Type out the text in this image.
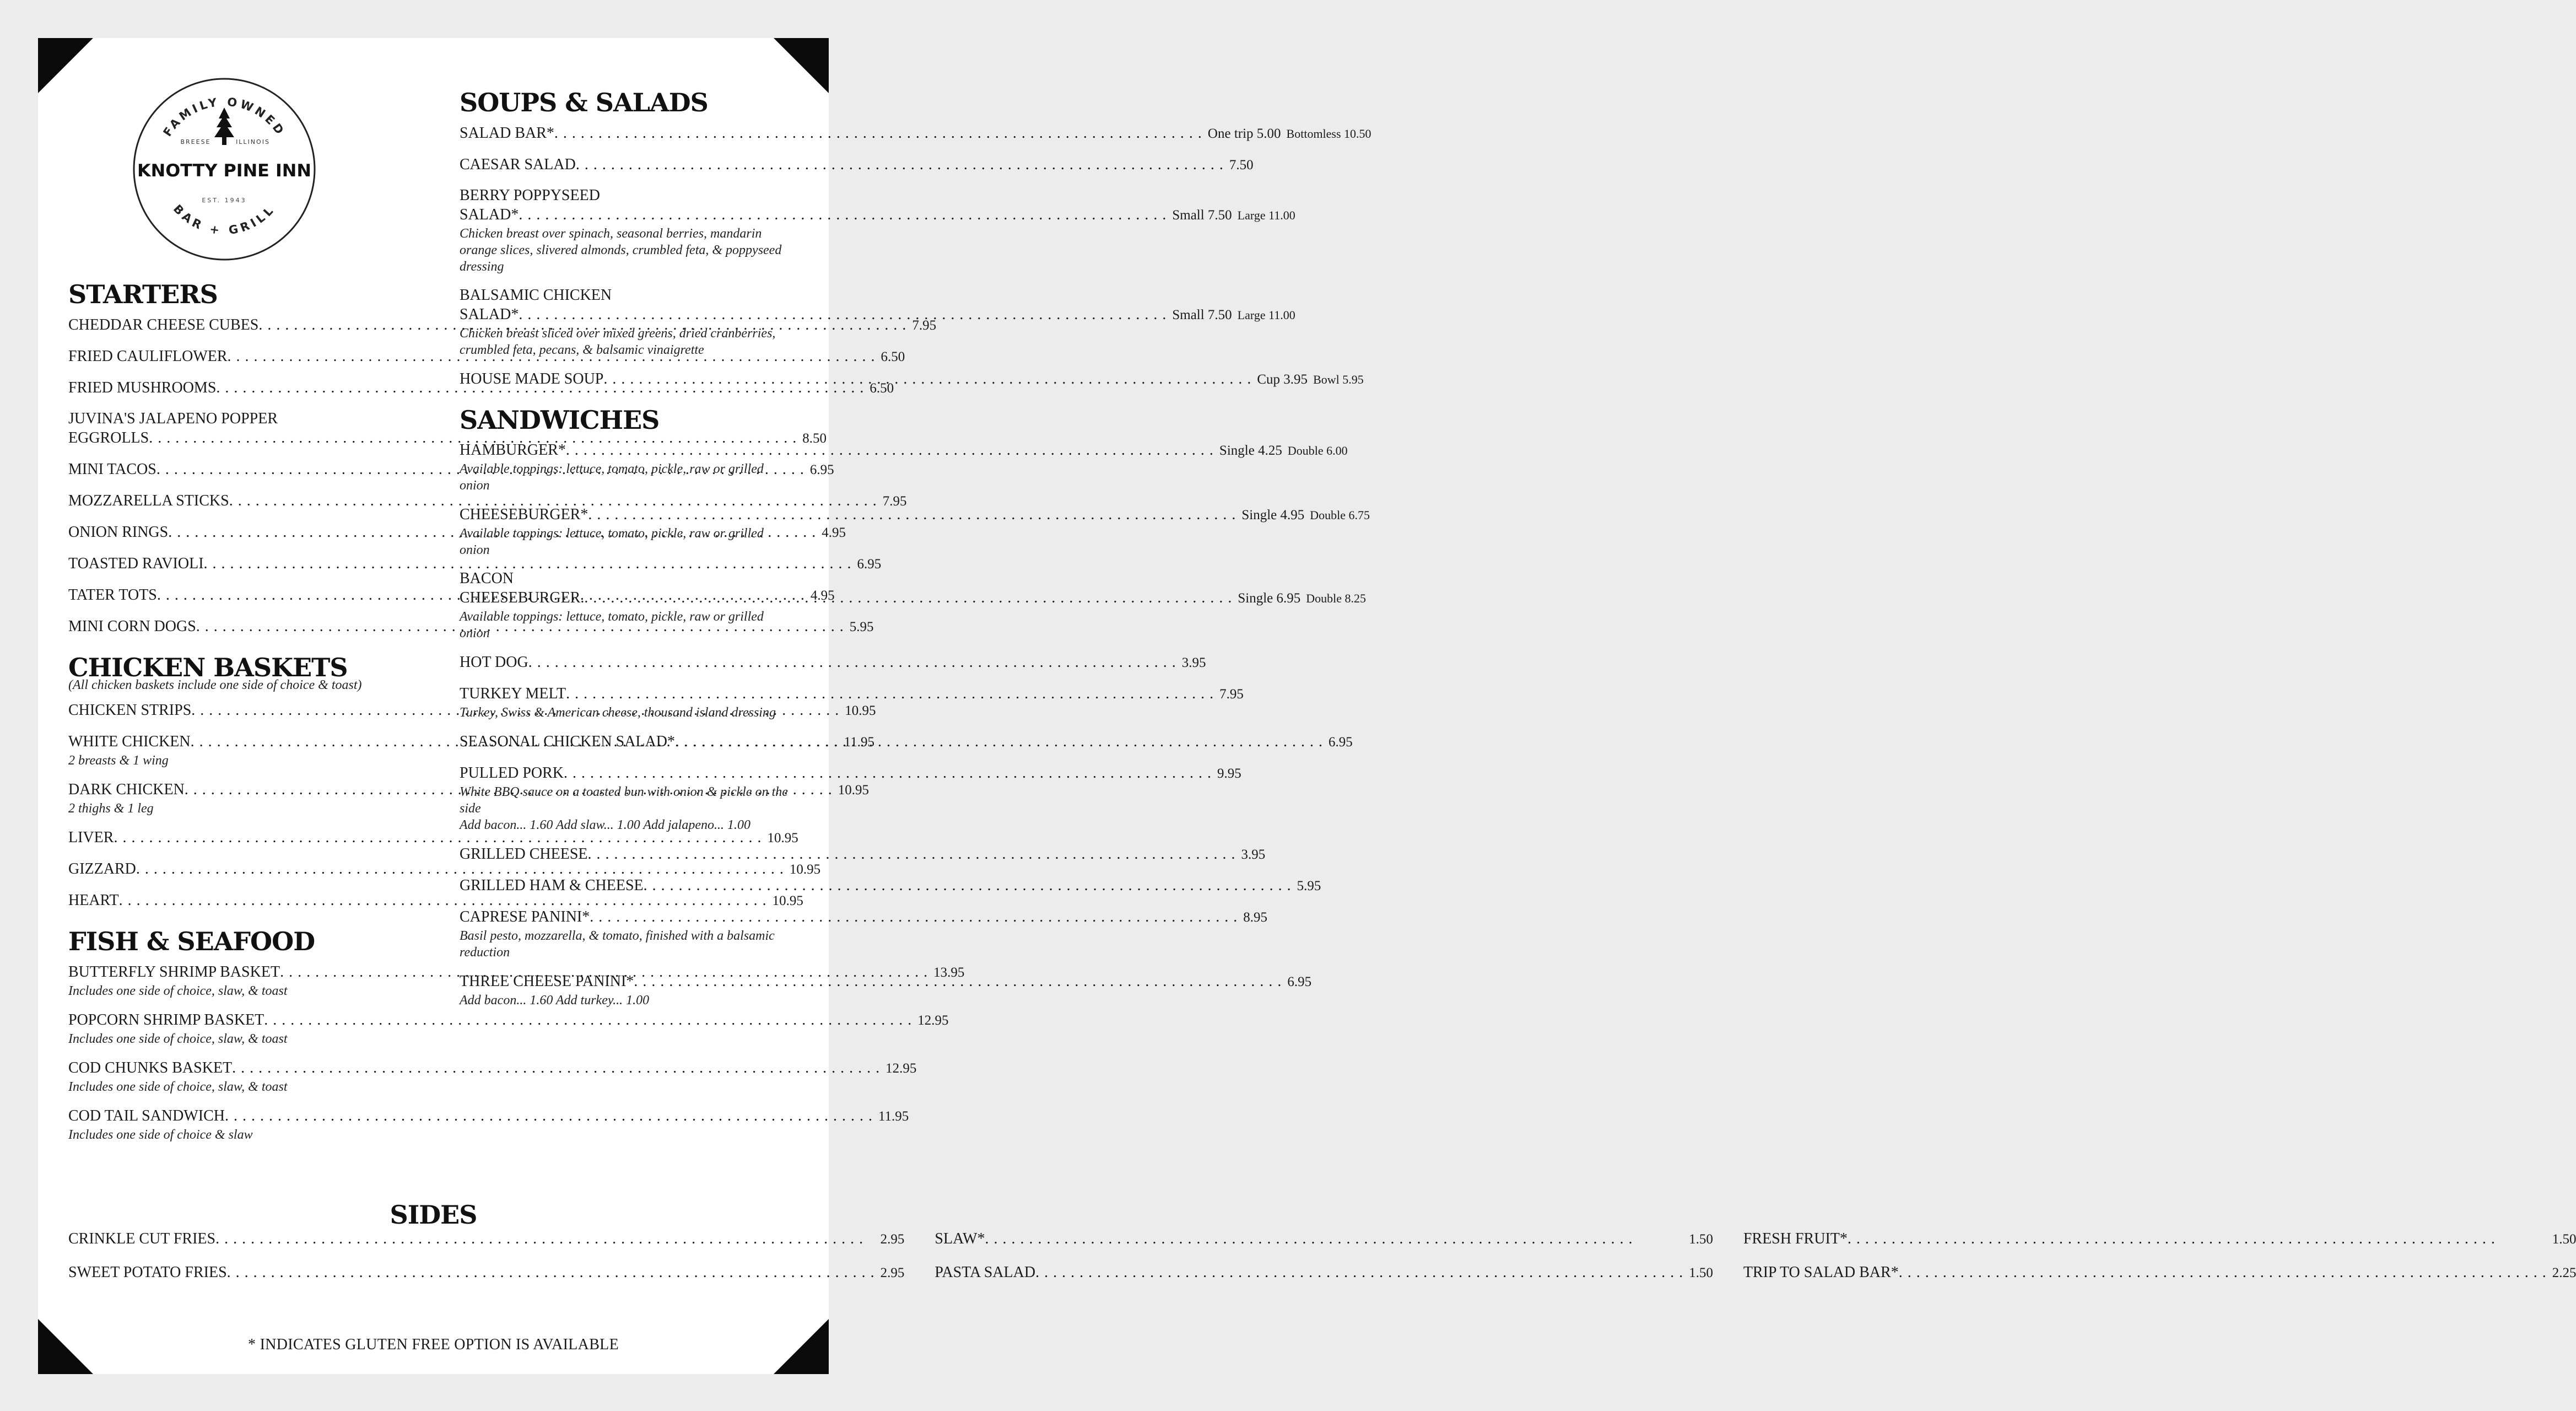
FAMILY OWNED
BREESE	ILLINOIS
KNOTTY PINE INN
EST. 1943
BAR + GRILL
STARTERS
CHEDDAR CHEESE CUBES . . .	7.95
FRIED CAULIFLOWER . . .	6.50
FRIED MUSHROOMS . . .	6.50
JUVINA'S JALAPENO POPPER
EGGROLLS . . .	8.50
MINI TACOS . . .	6.95
MOZZARELLA STICKS . . .	7.95
ONION RINGS . . .	4.95
TOASTED RAVIOLI . . .	6.95
TATER TOTS . . .	4.95
MINI CORN DOGS . . .	5.95
CHICKEN BASKETS
(All chicken baskets include one side of choice & toast)
CHICKEN STRIPS . . .	10.95
WHITE CHICKEN . . .	11.95
2 breasts & 1 wing
DARK CHICKEN . . .	10.95
2 thighs & 1 leg
LIVER . . .	10.95
GIZZARD . . .	10.95
HEART . . .	10.95
FISH & SEAFOOD
BUTTERFLY SHRIMP BASKET . . .	13.95
Includes one side of choice, slaw, & toast
POPCORN SHRIMP BASKET . . .	12.95
Includes one side of choice, slaw, & toast
COD CHUNKS BASKET . . .	12.95
Includes one side of choice, slaw, & toast
COD TAIL SANDWICH . . .	11.95
Includes one side of choice & slaw
SOUPS & SALADS
SALAD BAR* . . .	One trip 5.00 Bottomless 10.50
CAESAR SALAD . . .	7.50
BERRY POPPYSEED
SALAD* . . .	Small 7.50 Large 11.00
Chicken breast over spinach, seasonal berries, mandarin orange slices, slivered almonds, crumbled feta, & poppyseed dressing
BALSAMIC CHICKEN
SALAD* . . .	Small 7.50 Large 11.00
Chicken breast sliced over mixed greens, dried cranberries, crumbled feta, pecans, & balsamic vinaigrette
HOUSE MADE SOUP . . .	Cup 3.95 Bowl 5.95
SANDWICHES
HAMBURGER* . . .	Single 4.25 Double 6.00
Available toppings: lettuce, tomato, pickle, raw or grilled onion
CHEESEBURGER* . . .	Single 4.95 Double 6.75
Available toppings: lettuce, tomato, pickle, raw or grilled onion
BACON
CHEESEBURGER. . . .	Single 6.95 Double 8.25
Available toppings: lettuce, tomato, pickle, raw or grilled onion
HOT DOG . . .	3.95
TURKEY MELT . . .	7.95
Turkey, Swiss & American cheese, thousand island dressing
SEASONAL CHICKEN SALAD* . . .	6.95
PULLED PORK . . .	9.95
White BBQ sauce on a toasted bun with onion & pickle on the side
Add bacon... 1.60 Add slaw... 1.00 Add jalapeno... 1.00
GRILLED CHEESE . . .	3.95
GRILLED HAM & CHEESE . . .	5.95
CAPRESE PANINI* . . .	8.95
Basil pesto, mozzarella, & tomato, finished with a balsamic reduction
THREE CHEESE PANINI* . . .	6.95
Add bacon... 1.60 Add turkey... 1.00
SIDES
CRINKLE CUT FRIES . . .	2.95 SLAW* . . .	1.50 FRESH FRUIT* . . .	1.50
SWEET POTATO FRIES . . .	2.95 PASTA SALAD . . .	1.50 TRIP TO SALAD BAR* . . .	2.25
* INDICATES GLUTEN FREE OPTION IS AVAILABLE
